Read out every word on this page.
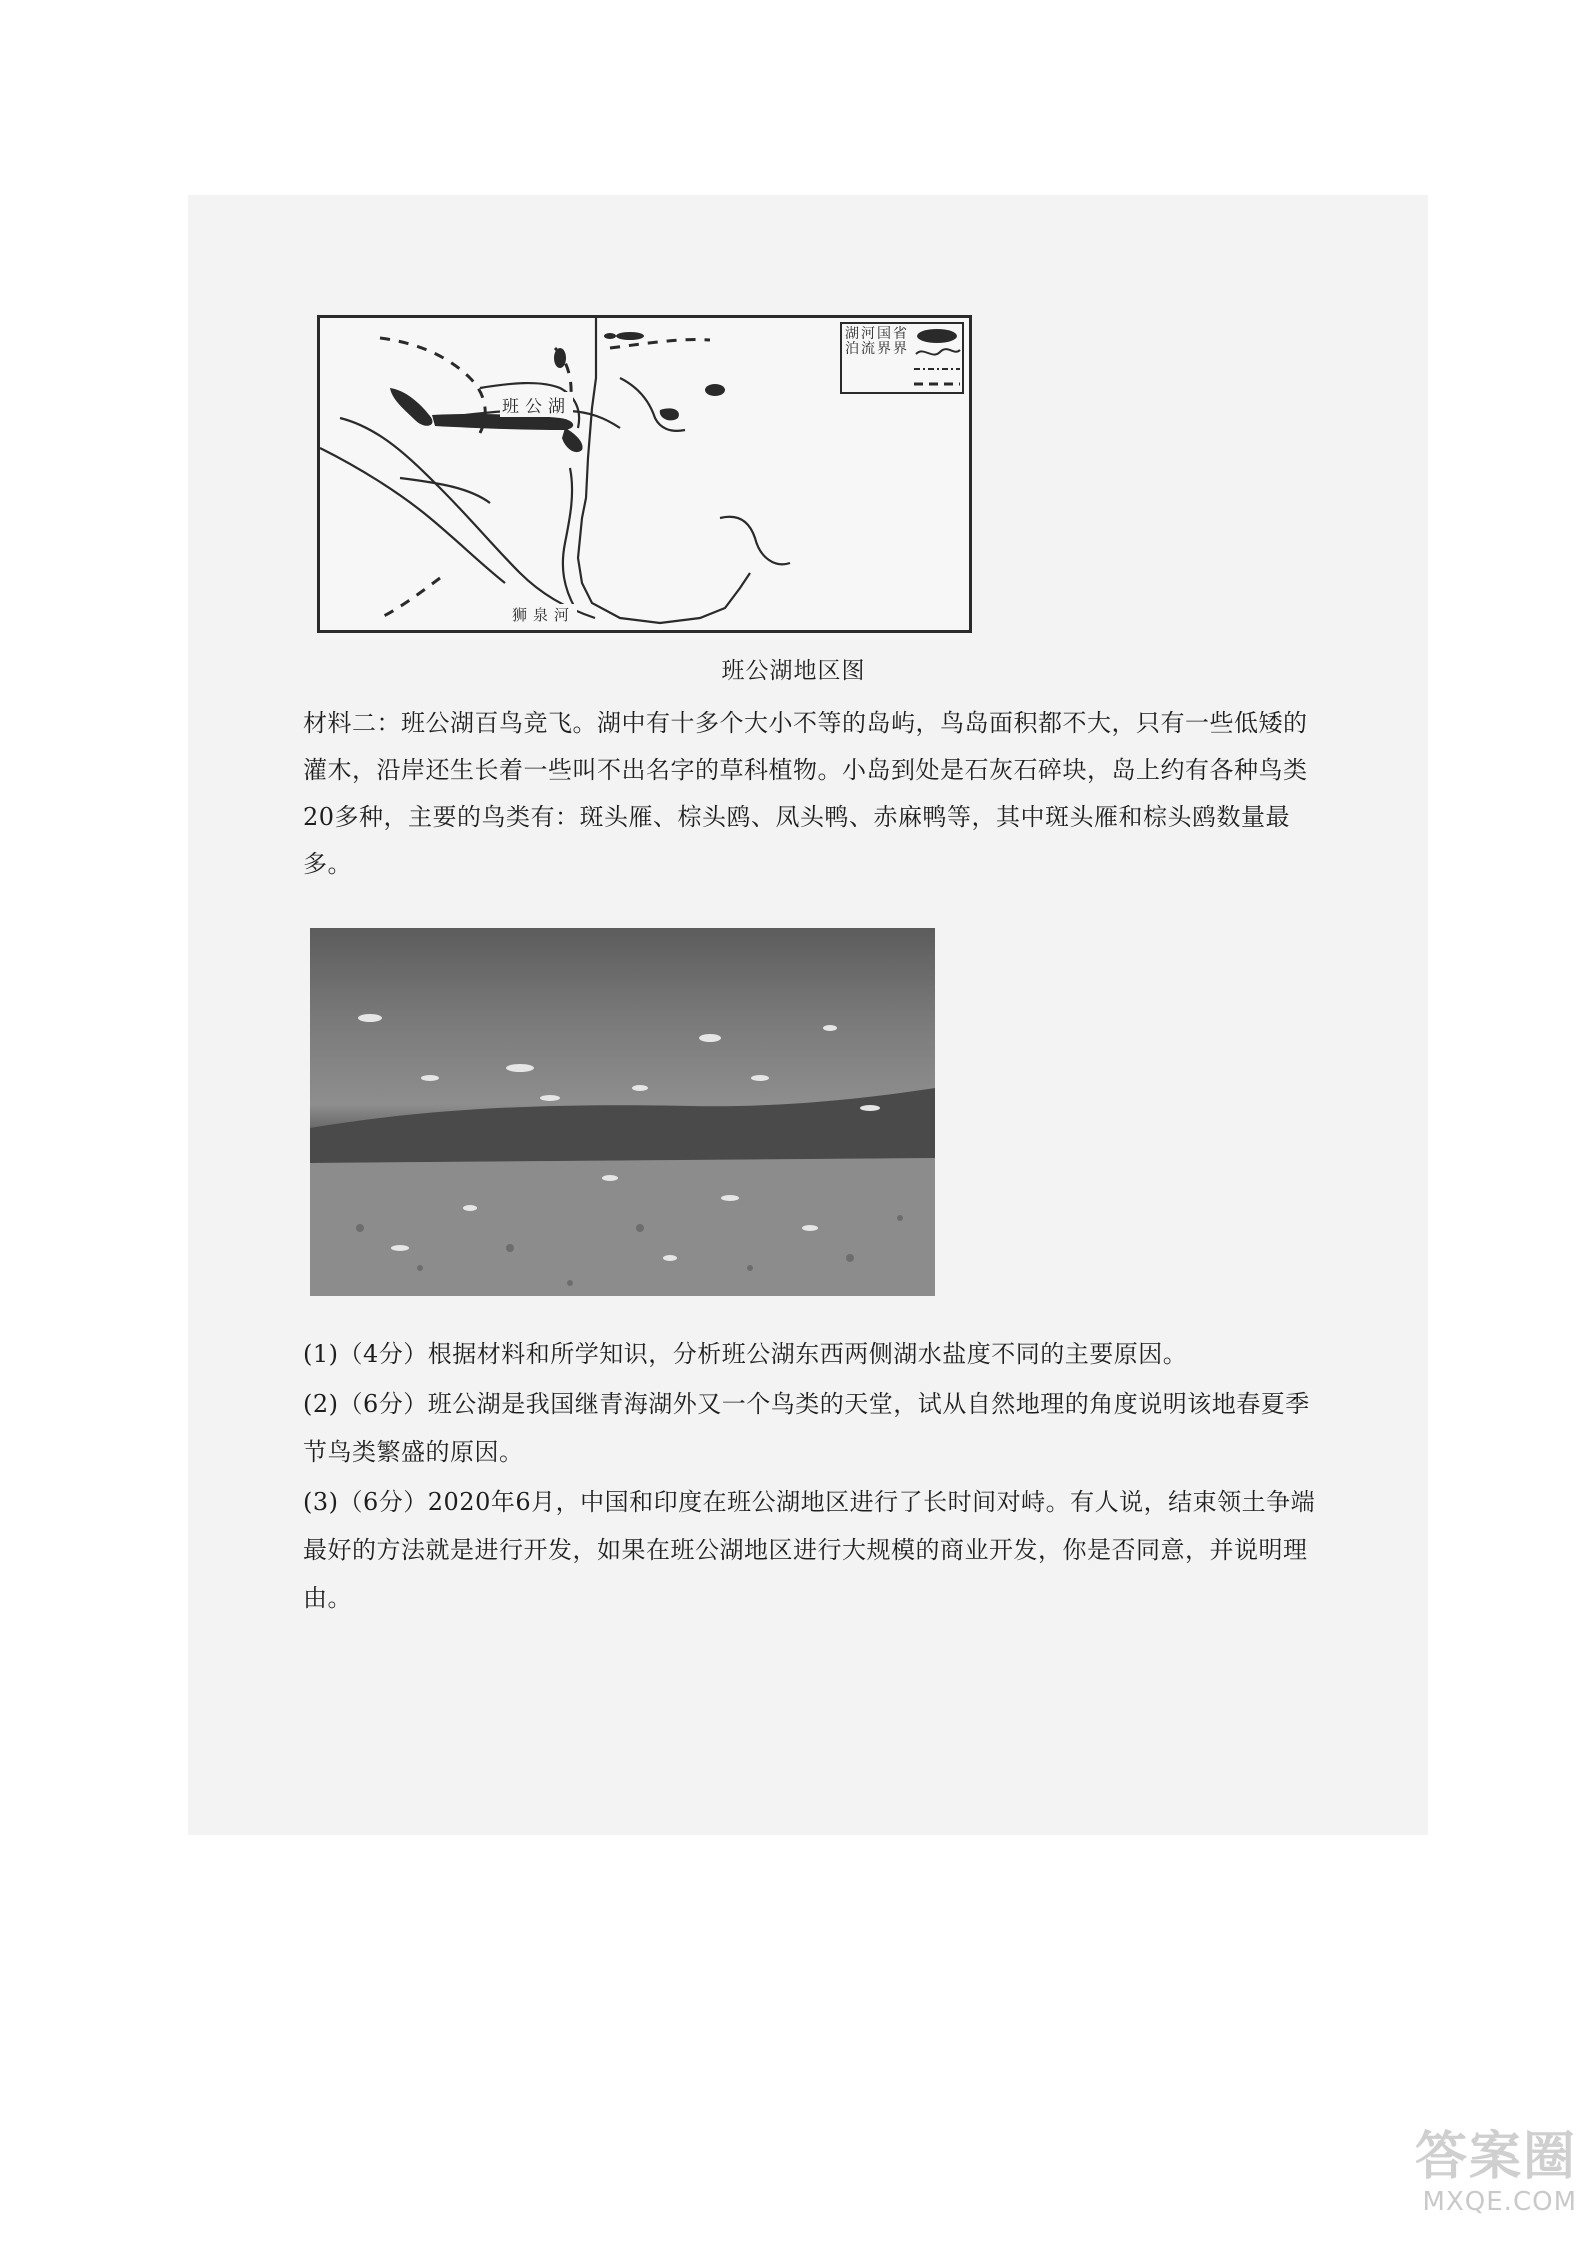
班公湖
狮泉河
湖泊
河流
国界
省界
班公湖地区图

材料二：班公湖百鸟竞飞。湖中有十多个大小不等的岛屿，鸟岛面积都不大，只有一些低矮的灌木，沿岸还生长着一些叫不出名字的草科植物。小岛到处是石灰石碎块，岛上约有各种鸟类20多种，主要的鸟类有：斑头雁、棕头鸥、凤头鸭、赤麻鸭等，其中斑头雁和棕头鸥数量最多。

(1)（4分）根据材料和所学知识，分析班公湖东西两侧湖水盐度不同的主要原因。

(2)（6分）班公湖是我国继青海湖外又一个鸟类的天堂，试从自然地理的角度说明该地春夏季节鸟类繁盛的原因。

(3)（6分）2020年6月，中国和印度在班公湖地区进行了长时间对峙。有人说，结束领土争端最好的方法就是进行开发，如果在班公湖地区进行大规模的商业开发，你是否同意，并说明理由。

答案圈
MXQE.COM
